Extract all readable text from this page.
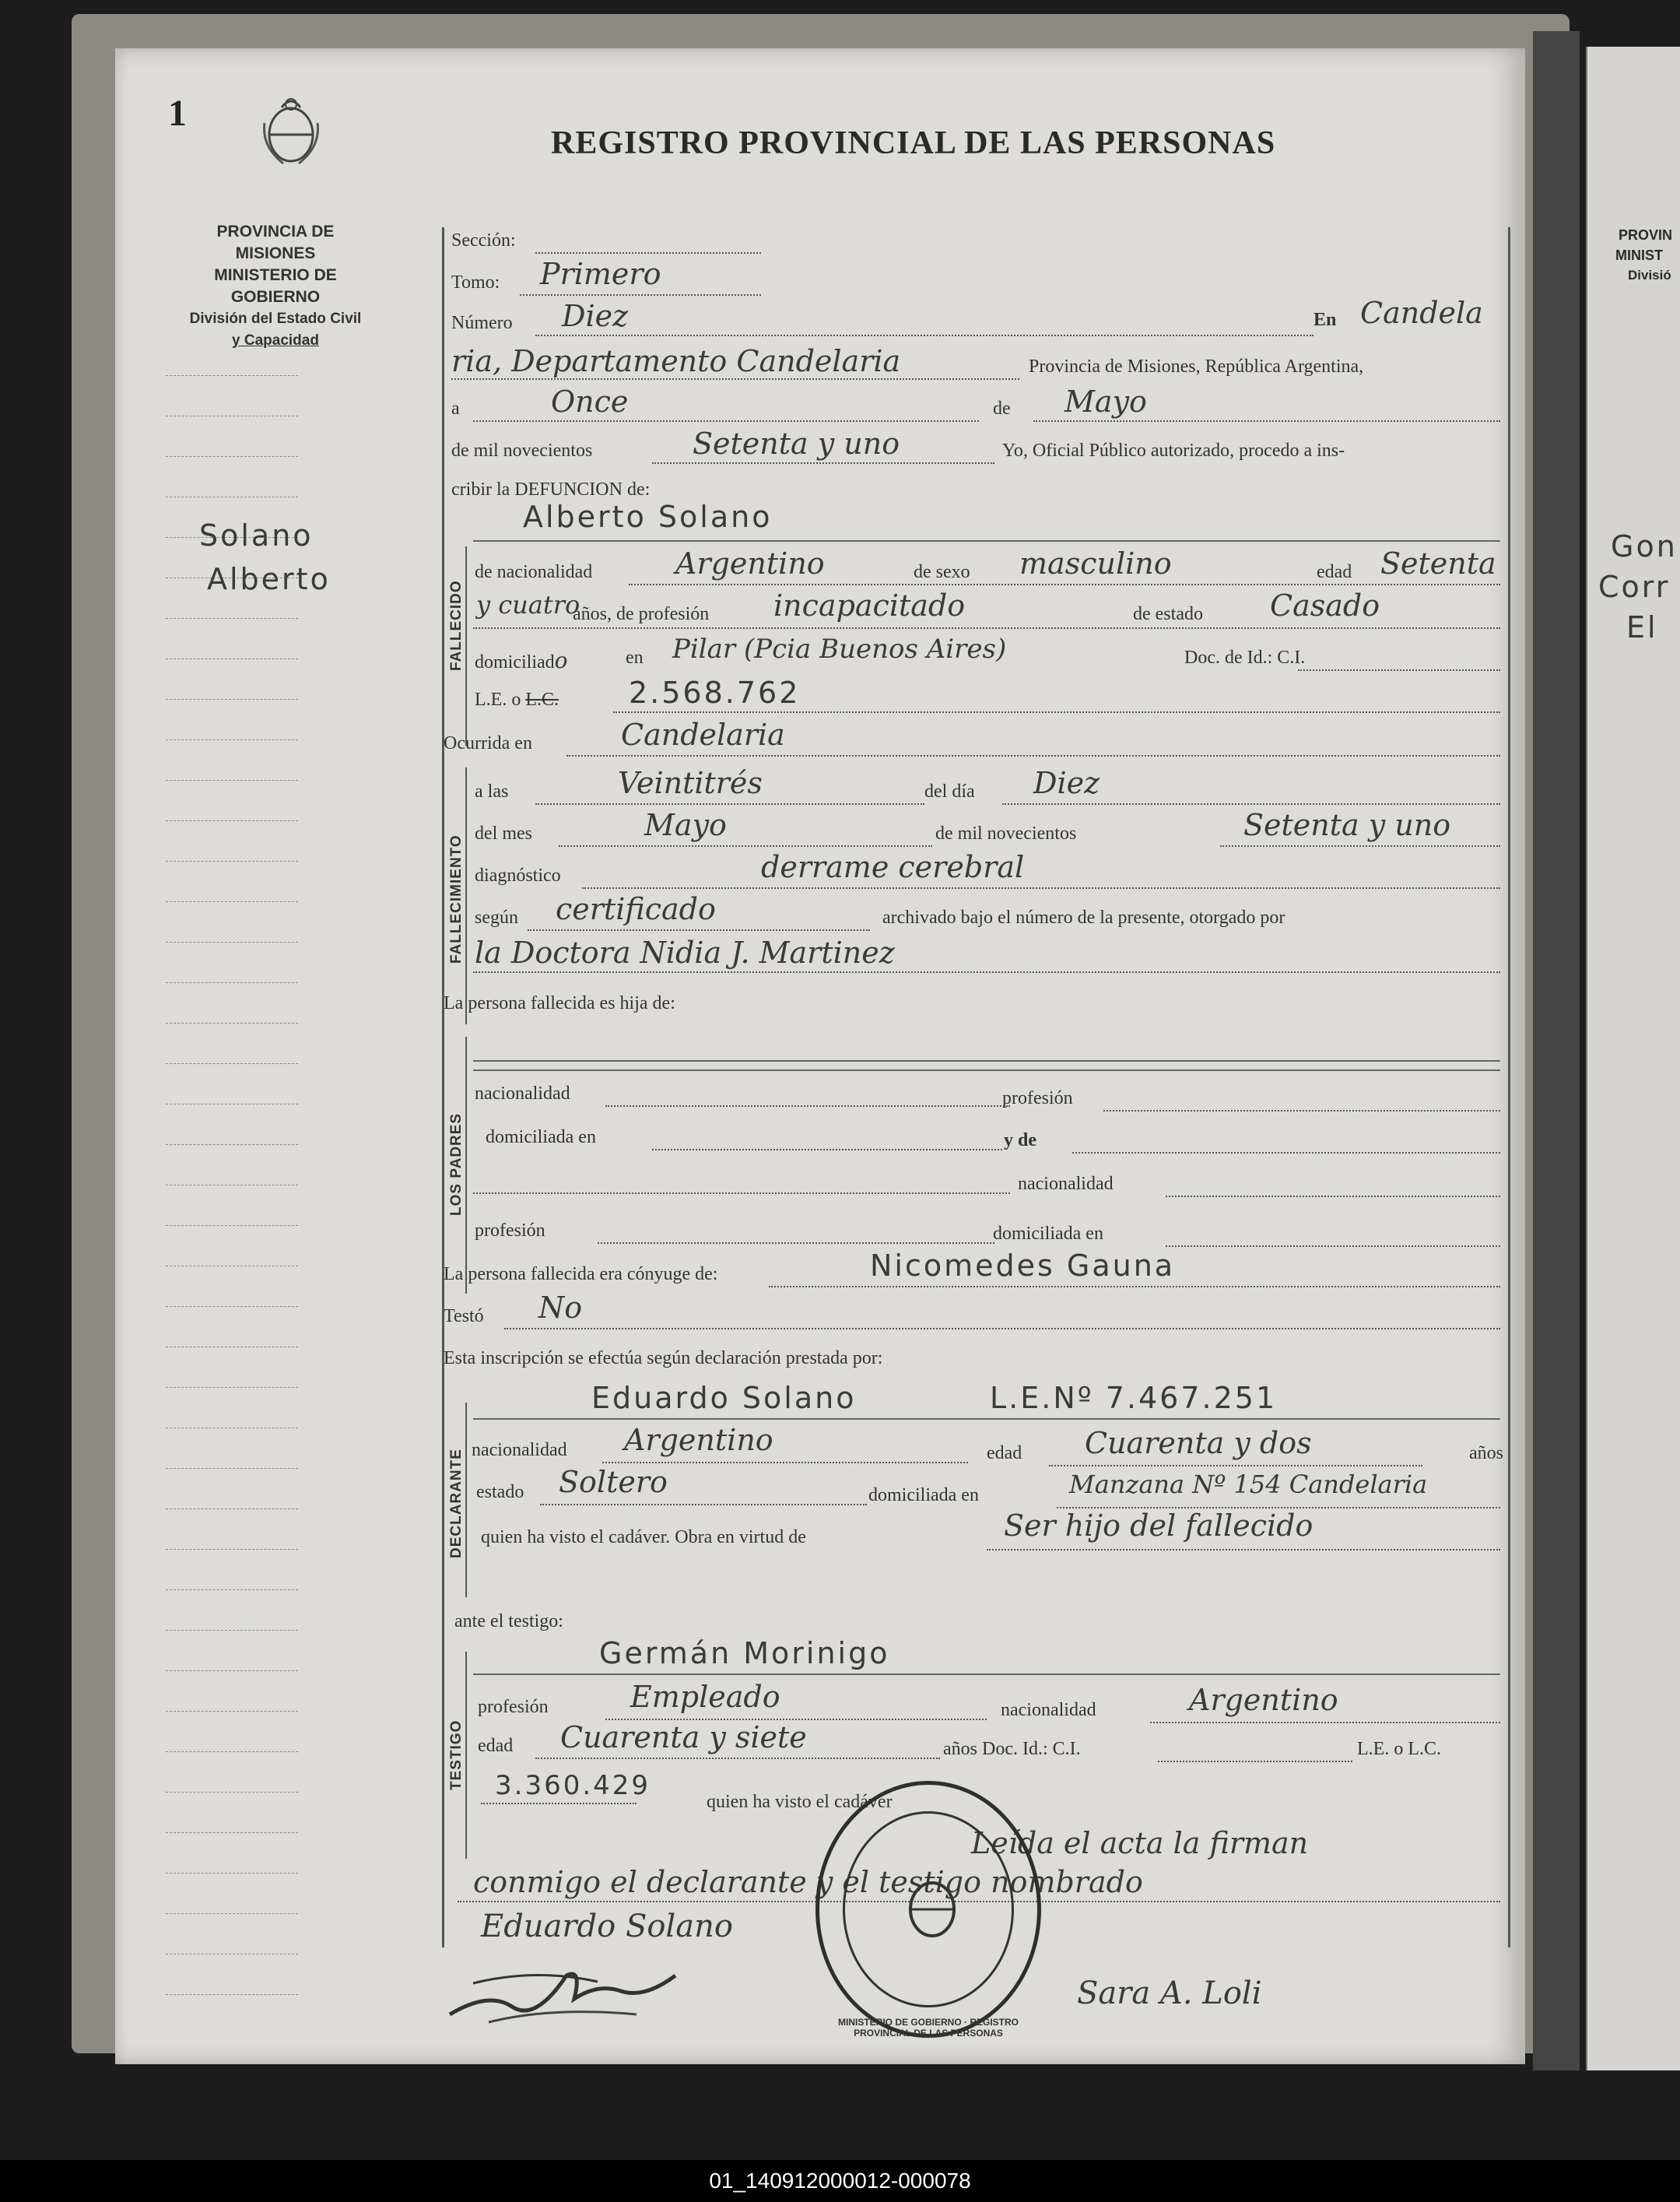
PROVIN
MINIST
Divisió
Gon
Corr
El
1
REGISTRO PROVINCIAL DE LAS PERSONAS
PROVINCIA DE MISIONES
MINISTERIO DE GOBIERNO
División del Estado Civil
y Capacidad
Solano
Alberto
Sección:
Tomo: Primero
Número Diez	En Candela
ria, Departamento Candelaria	Provincia de Misiones, República Argentina,
a	Once	de Mayo
de mil novecientos	Setenta y uno	Yo, Oficial Público autorizado, procedo a ins-
cribir la DEFUNCION de:
FALLECIDO
Alberto Solano
de nacionalidad	Argentino	de sexo masculino	edad Setenta
y cuatro
años, de profesión incapacitado	de estado Casado
domiciliado	en Pilar (Pcia Buenos Aires)	Doc. de Id.: C.I.
L.E. o L.C. 2.568.762
Ocurrida en	Candelaria
FALLECIMIENTO
a las	Veintitrés	del día Diez
del mes	Mayo	de mil novecientos	Setenta y uno
diagnóstico	derrame cerebral
según certificado	archivado bajo el número de la presente, otorgado por
la Doctora Nidia J. Martinez
La persona fallecida es hija de:
LOS PADRES
nacionalidad	profesión
domiciliada en	y de
nacionalidad
profesión	domiciliada en
La persona fallecida era cónyuge de:	Nicomedes Gauna
Testó No
Esta inscripción se efectúa según declaración prestada por:
DECLARANTE
Eduardo Solano	L.E.Nº 7.467.251
nacionalidad Argentino	edad Cuarenta y dos	años
estado Soltero	domiciliada en	Manzana Nº 154 Candelaria
quien ha visto el cadáver. Obra en virtud de	Ser hijo del fallecido
ante el testigo:
TESTIGO
Germán Morinigo
profesión	Empleado	nacionalidad	Argentino
edad Cuarenta y siete	años Doc. Id.: C.I.	L.E. o L.C.
3.360.429
quien ha visto el cadáver
Leída el acta la firman
conmigo el declarante y el testigo nombrado
Eduardo Solano
Sara A. Loli
MINISTERIO DE GOBIERNO · REGISTRO PROVINCIAL DE LAS PERSONAS
01_140912000012-000078
